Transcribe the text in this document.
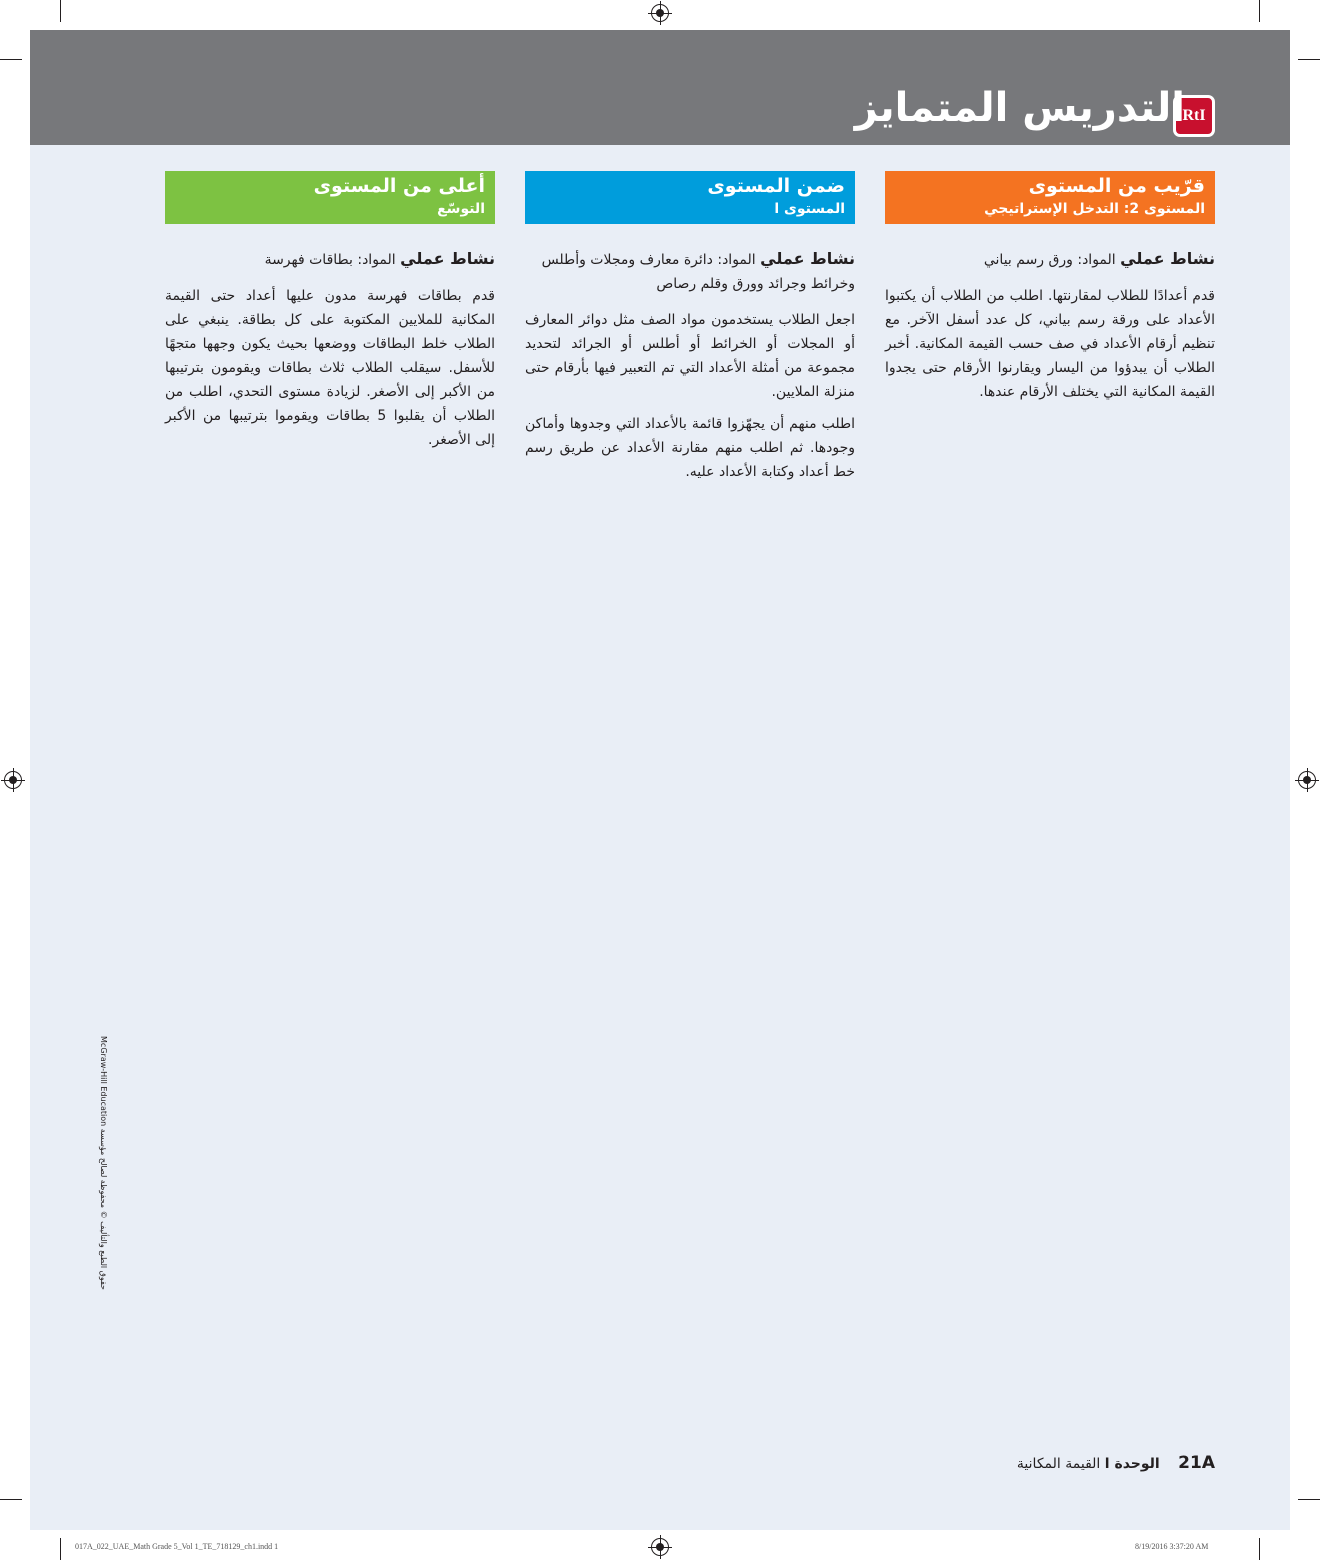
RtI
التدريس المتمايز
قرّيب من المستوى
المستوى 2: التدخل الإستراتيجي

نشاط عملي المواد: ورق رسم بياني

قدم أعدادًا للطلاب لمقارنتها. اطلب من الطلاب أن يكتبوا الأعداد على ورقة رسم بياني، كل عدد أسفل الآخر. مع تنظيم أرقام الأعداد في صف حسب القيمة المكانية. أخبر الطلاب أن يبدؤوا من اليسار ويقارنوا الأرقام حتى يجدوا القيمة المكانية التي يختلف الأرقام عندها.

ضمن المستوى
المستوى ا

نشاط عملي المواد: دائرة معارف ومجلات وأطلس وخرائط وجرائد وورق وقلم رصاص

اجعل الطلاب يستخدمون مواد الصف مثل دوائر المعارف أو المجلات أو الخرائط أو أطلس أو الجرائد لتحديد مجموعة من أمثلة الأعداد التي تم التعبير فيها بأرقام حتى منزلة الملايين.

اطلب منهم أن يجهّزوا قائمة بالأعداد التي وجدوها وأماكن وجودها. ثم اطلب منهم مقارنة الأعداد عن طريق رسم خط أعداد وكتابة الأعداد عليه.

أعلى من المستوى
التوسّع

نشاط عملي المواد: بطاقات فهرسة

قدم بطاقات فهرسة مدون عليها أعداد حتى القيمة المكانية للملايين المكتوبة على كل بطاقة. ينبغي على الطلاب خلط البطاقات ووضعها بحيث يكون وجهها متجهًا للأسفل. سيقلب الطلاب ثلاث بطاقات ويقومون بترتيبها من الأكبر إلى الأصغر. لزيادة مستوى التحدي، اطلب من الطلاب أن يقلبوا 5 بطاقات ويقوموا بترتيبها من الأكبر إلى الأصغر.

21A الوحدة ا القيمة المكانية
حقوق الطبع والتأليف © محفوظة لصالح مؤسسة McGraw-Hill Education
017A_022_UAE_Math Grade 5_Vol 1_TE_718129_ch1.indd 1	8/19/2016 3:37:20 AM
